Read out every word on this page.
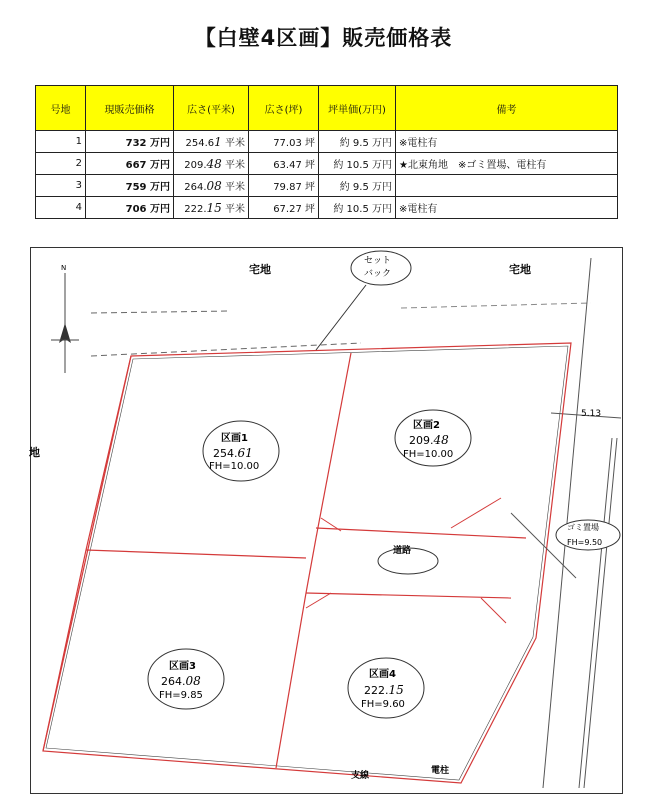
【白壁4区画】販売価格表
号地	現販売価格	広さ(平米)	広さ(坪)	坪単価(万円)	備考
1	732 万円	254.61 平米	77.03 坪	約 9.5 万円	※電柱有
2	667 万円	209.48 平米	63.47 坪	約 10.5 万円	★北東角地　※ゴミ置場、電柱有
3	759 万円	264.08 平米	79.87 坪	約 9.5 万円	
4	706 万円	222.15 平米	67.27 坪	約 10.5 万円	※電柱有
N	宅地	宅地
地
セット
バック
5.13
道路
ゴミ置場
FH=9.50
支線	電柱
区画1
254.61
FH=10.00
区画2
209.48
FH=10.00
区画3
264.08
FH=9.85
区画4
222.15
FH=9.60
